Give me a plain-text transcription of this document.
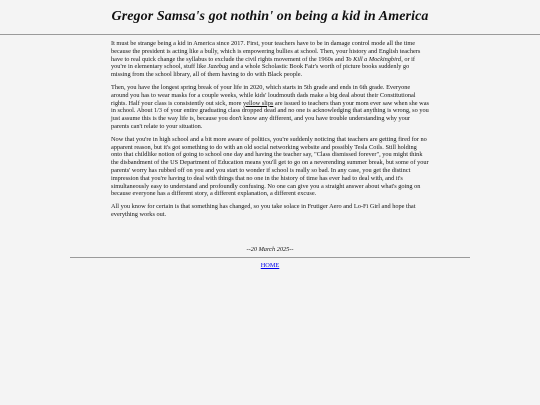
Gregor Samsa's got nothin' on being a kid in America

It must be strange being a kid in America since 2017. First, your teachers have to be in damage control mode all the time because the president is acting like a bully, which is empowering bullies at school. Then, your history and English teachers have to real quick change the syllabus to exclude the civil rights movement of the 1960s and To Kill a Mockingbird, or if you're in elementary school, stuff like Jazebug and a whole Scholastic Book Fair's worth of picture books suddenly go missing from the school library, all of them having to do with Black people.

Then, you have the longest spring break of your life in 2020, which starts in 5th grade and ends in 6th grade. Everyone around you has to wear masks for a couple weeks, while kids' loudmouth dads make a big deal about their Constitutional rights. Half your class is consistently out sick, more yellow slips are issued to teachers than your mom ever saw when she was in school. About 1/3 of your entire graduating class dropped dead and no one is acknowledging that anything is wrong, so you just assume this is the way life is, because you don't know any different, and you have trouble understanding why your parents can't relate to your situation.

Now that you're in high school and a bit more aware of politics, you're suddenly noticing that teachers are getting fired for no apparent reason, but it's got something to do with an old social networking website and possibly Tesla Coils. Still holding onto that childlike notion of going to school one day and having the teacher say, "Class dismissed forever", you might think the disbandment of the US Department of Education means you'll get to go on a neverending summer break, but some of your parents' worry has rubbed off on you and you start to wonder if school is really so bad. In any case, you get the distinct impression that you're having to deal with things that no one in the history of time has ever had to deal with, and it's simultaneously easy to understand and profoundly confusing. No one can give you a straight answer about what's going on because everyone has a different story, a different explanation, a different excuse.

All you know for certain is that something has changed, so you take solace in Frutiger Aero and Lo-Fi Girl and hope that everything works out.

--20 March 2025--
HOME
